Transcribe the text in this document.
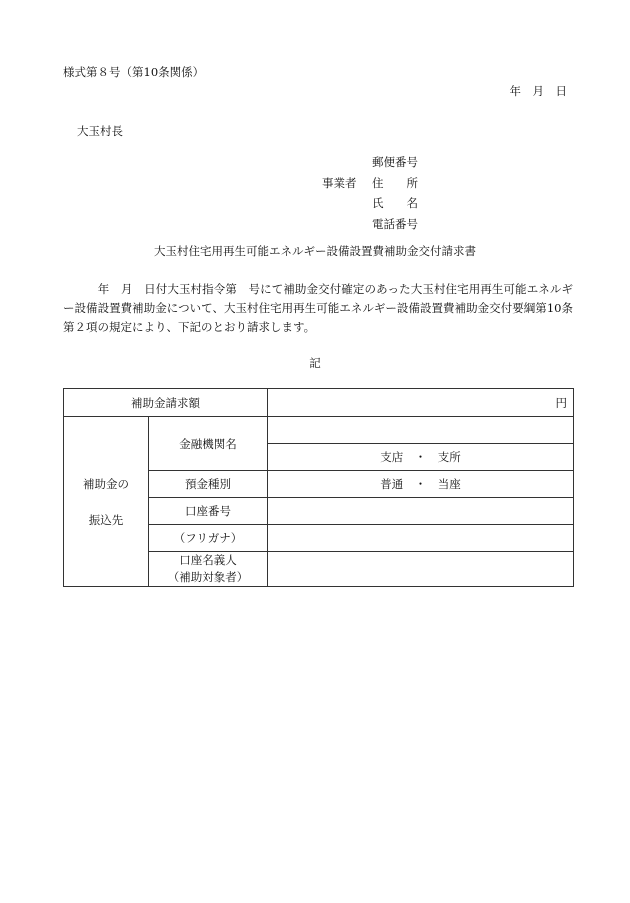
様式第８号（第10条関係）
年　月　日
大玉村長
事業者
郵便番号
住　　所
氏　　名
電話番号
大玉村住宅用再生可能エネルギー設備設置費補助金交付請求書
　　　年　月　日付大玉村指令第　号にて補助金交付確定のあった大玉村住宅用再生可能エネルギー設備設置費補助金について、大玉村住宅用再生可能エネルギー設備設置費補助金交付要綱第10条第２項の規定により、下記のとおり請求します。
記
補助金請求額		円

補助金の
振込先	金融機関名	
		支店　・　支所
	預金種別	普通　・　当座
	口座番号	
	（フリガナ）	

	口座名義人
（補助対象者）	
